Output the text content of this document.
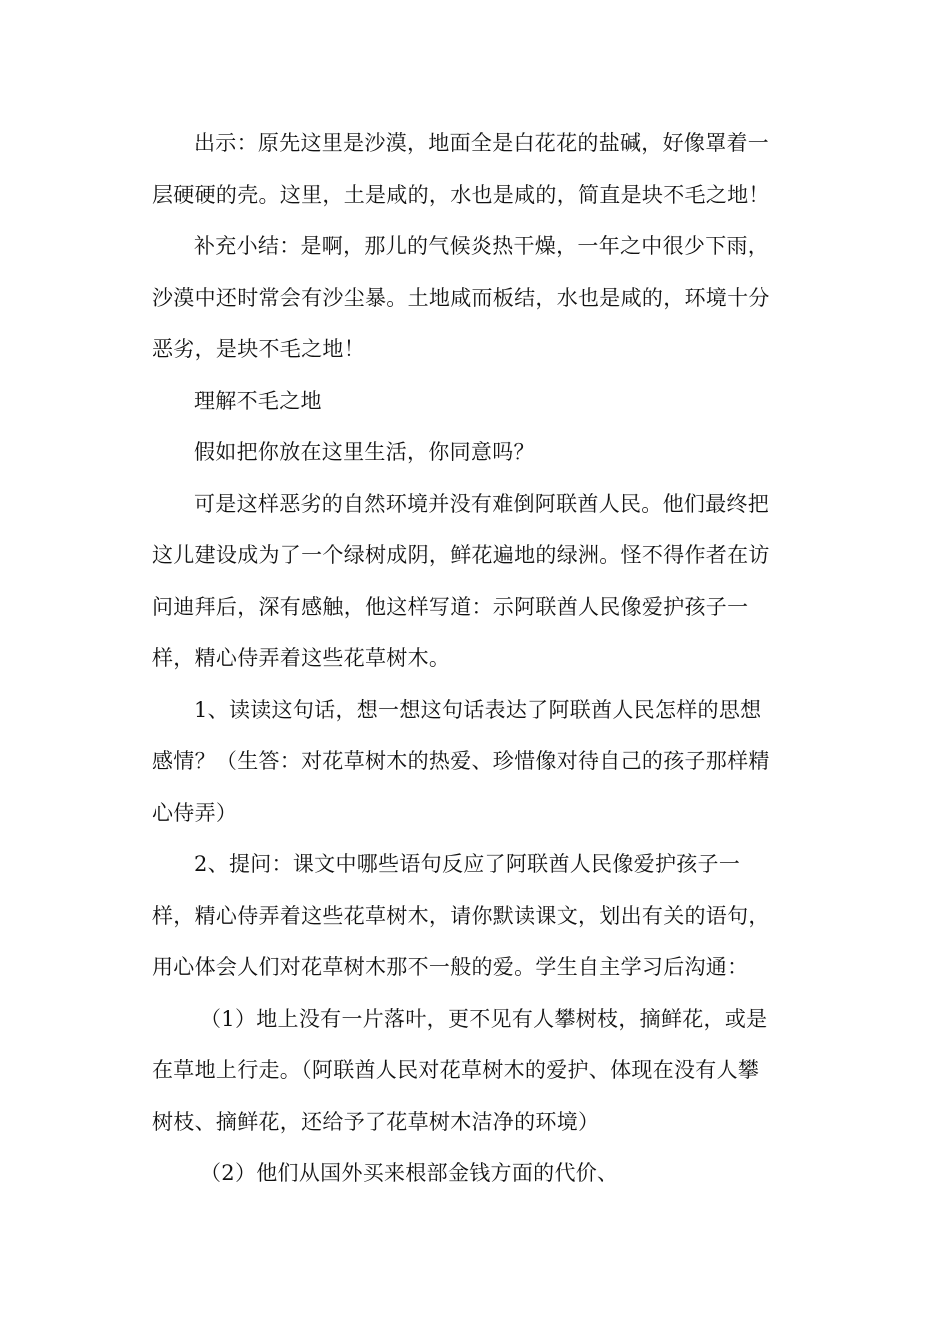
出示：原先这里是沙漠，地面全是白花花的盐碱，好像罩着一
层硬硬的壳。这里，土是咸的，水也是咸的，简直是块不毛之地！

补充小结：是啊，那儿的气候炎热干燥，一年之中很少下雨，
沙漠中还时常会有沙尘暴。土地咸而板结，水也是咸的，环境十分
恶劣，是块不毛之地！

理解不毛之地

假如把你放在这里生活，你同意吗？

可是这样恶劣的自然环境并没有难倒阿联酋人民。他们最终把
这儿建设成为了一个绿树成阴，鲜花遍地的绿洲。怪不得作者在访
问迪拜后，深有感触，他这样写道：示阿联酋人民像爱护孩子一
样，精心侍弄着这些花草树木。

1、读读这句话，想一想这句话表达了阿联酋人民怎样的思想
感情？（生答：对花草树木的热爱、珍惜像对待自己的孩子那样精
心侍弄）

2、提问：课文中哪些语句反应了阿联酋人民像爱护孩子一
样，精心侍弄着这些花草树木，请你默读课文，划出有关的语句，
用心体会人们对花草树木那不一般的爱。学生自主学习后沟通：

（1）地上没有一片落叶，更不见有人攀树枝，摘鲜花，或是
在草地上行走。（阿联酋人民对花草树木的爱护、体现在没有人攀
树枝、摘鲜花，还给予了花草树木洁净的环境）

（2）他们从国外买来根部金钱方面的代价、
